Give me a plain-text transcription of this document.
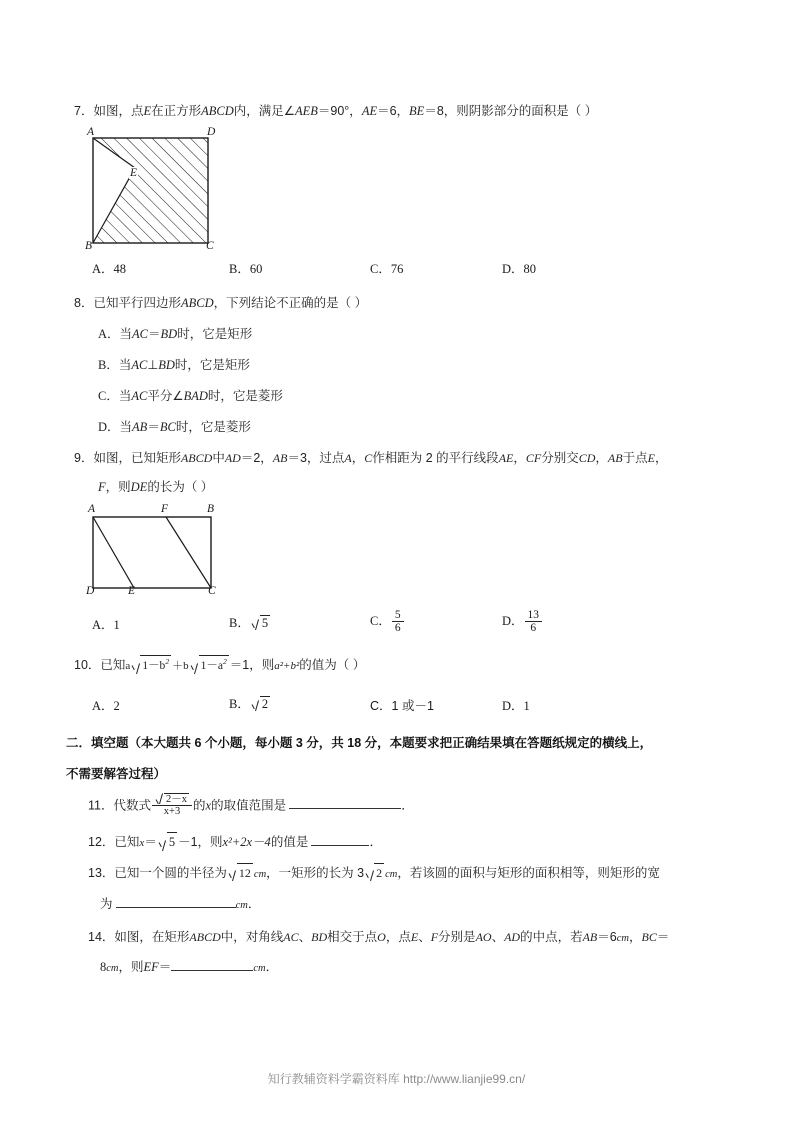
7．如图，点E在正方形ABCD内，满足∠AEB＝90°，AE＝6，BE＝8，则阴影部分的面积是（ ）
A	D
B	C
E
A．48	B．60	C．76	D．80
8．已知平行四边形ABCD，下列结论不正确的是（ ）
A．当AC＝BD时，它是矩形
B．当AC⊥BD时，它是矩形
C．当AC平分∠BAD时，它是菱形
D．当AB＝BC时，它是菱形
9．如图，已知矩形ABCD中AD＝2，AB＝3，过点A，C作相距为 2 的平行线段AE，CF分别交CD，AB于点E，
F，则DE的长为（ ）
A	F	B
D	E	C
A．1	B． 5	C． $\frac{5}{6}$	D． $\frac{13}{6}$
10．已知a $1-b^2 +b$ $1-a^2 =1$，则a²+b²的值为（ ）
A．2	B． 2	C．1 或－1	D．1
二．填空题（本大题共 6 个小题，每小题 3 分，共 18 分，本题要求把正确结果填在答题纸规定的横线上，
不需要解答过程）
11．代数式 $\frac{2-x}{x+3}$ 的x的取值范围是	．
12．已知x＝ 5 －1，则x²+2x－4的值是	．
13．已知一个圆的半径为 12 cm，一矩形的长为 3 2 cm，若该圆的面积与矩形的面积相等，则矩形的宽
为	cm．
14．如图，在矩形ABCD中，对角线AC、BD相交于点O，点E、F分别是AO、AD的中点，若AB＝6cm，BC＝
8cm，则EF＝	cm．
知行教辅资料学霸资料库 http://www.lianjie99.cn/
